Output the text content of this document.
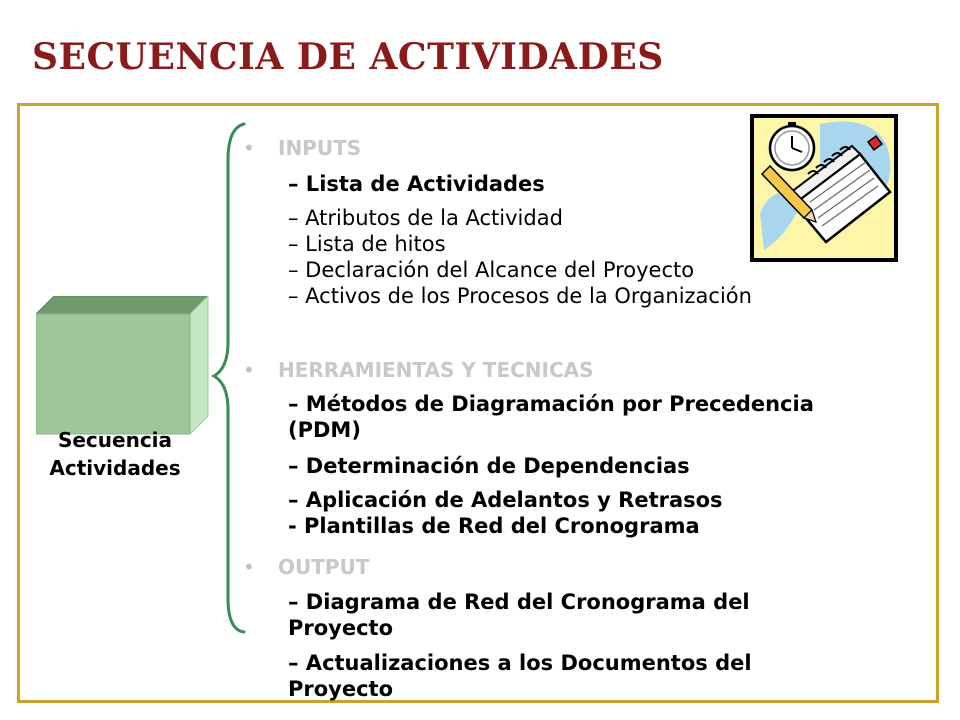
SECUENCIA DE ACTIVIDADES
Secuencia
Actividades
• INPUTS
– Lista de Actividades
– Atributos de la Actividad
– Lista de hitos
– Declaración del Alcance del Proyecto
– Activos de los Procesos de la Organización
• HERRAMIENTAS Y TECNICAS
– Métodos de Diagramación por Precedencia
(PDM)
– Determinación de Dependencias
– Aplicación de Adelantos y Retrasos
- Plantillas de Red del Cronograma
• OUTPUT
– Diagrama de Red del Cronograma del
Proyecto
– Actualizaciones a los Documentos del
Proyecto
